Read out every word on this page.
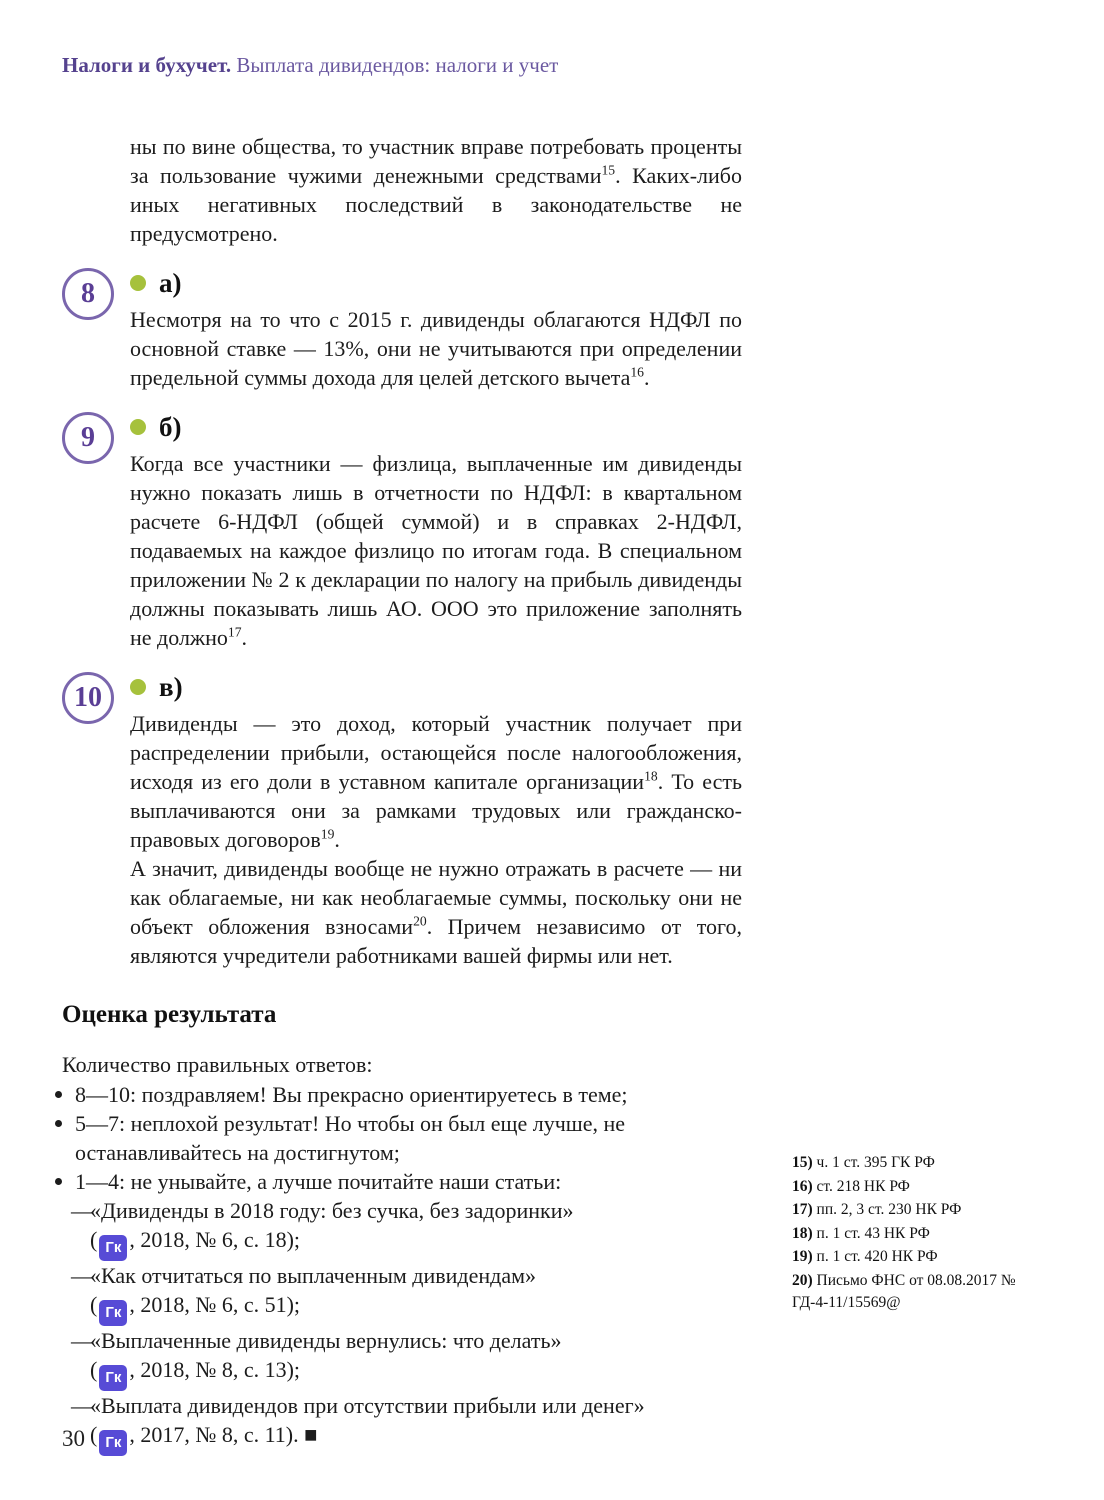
Налоги и бухучет. Выплата дивидендов: налоги и учет

ны по вине общества, то участник вправе потребовать проценты за пользование чужими денежными средствами$^{15}$. Каких-либо иных негативных последствий в законодательстве не предусмотрено.

8	а)

Несмотря на то что с 2015 г. дивиденды облагаются НДФЛ по основной ставке — 13%, они не учитываются при определении предельной суммы дохода для целей детского вычета$^{16}$.

9	б)

Когда все участники — физлица, выплаченные им дивиденды нужно показать лишь в отчетности по НДФЛ: в квартальном расчете 6-НДФЛ (общей суммой) и в справках 2-НДФЛ, подаваемых на каждое физлицо по итогам года. В специальном приложении № 2 к декларации по налогу на прибыль дивиденды должны показывать лишь АО. ООО это приложение заполнять не должно$^{17}$.

10	в)

Дивиденды — это доход, который участник получает при распределении прибыли, остающейся после налогообложения, исходя из его доли в уставном капитале организации$^{18}$. То есть выплачиваются они за рамками трудовых или гражданско-правовых договоров$^{19}$.

А значит, дивиденды вообще не нужно отражать в расчете — ни как облагаемые, ни как необлагаемые суммы, поскольку они не объект обложения взносами$^{20}$. Причем независимо от того, являются учредители работниками вашей фирмы или нет.

Оценка результата

Количество правильных ответов:

8—10: поздравляем! Вы прекрасно ориентируетесь в теме;
5—7: неплохой результат! Но чтобы он был еще лучше, не останавливайтесь на достигнутом;
1—4: не унывайте, а лучше почитайте наши статьи:
—
«Дивиденды в 2018 году: без сучка, без задоринки»
( Гк , 2018, № 6, с. 18);
—
«Как отчитаться по выплаченным дивидендам»
( Гк , 2018, № 6, с. 51);
—
«Выплаченные дивиденды вернулись: что делать»
( Гк , 2018, № 8, с. 13);
—
«Выплата дивидендов при отсутствии прибыли или денег»
( Гк , 2017, № 8, с. 11). ■
15) ч. 1 ст. 395 ГК РФ
16) ст. 218 НК РФ
17) пп. 2, 3 ст. 230 НК РФ
18) п. 1 ст. 43 НК РФ
19) п. 1 ст. 420 НК РФ
20) Письмо ФНС от 08.08.2017 № ГД-4-11/15569@
30
